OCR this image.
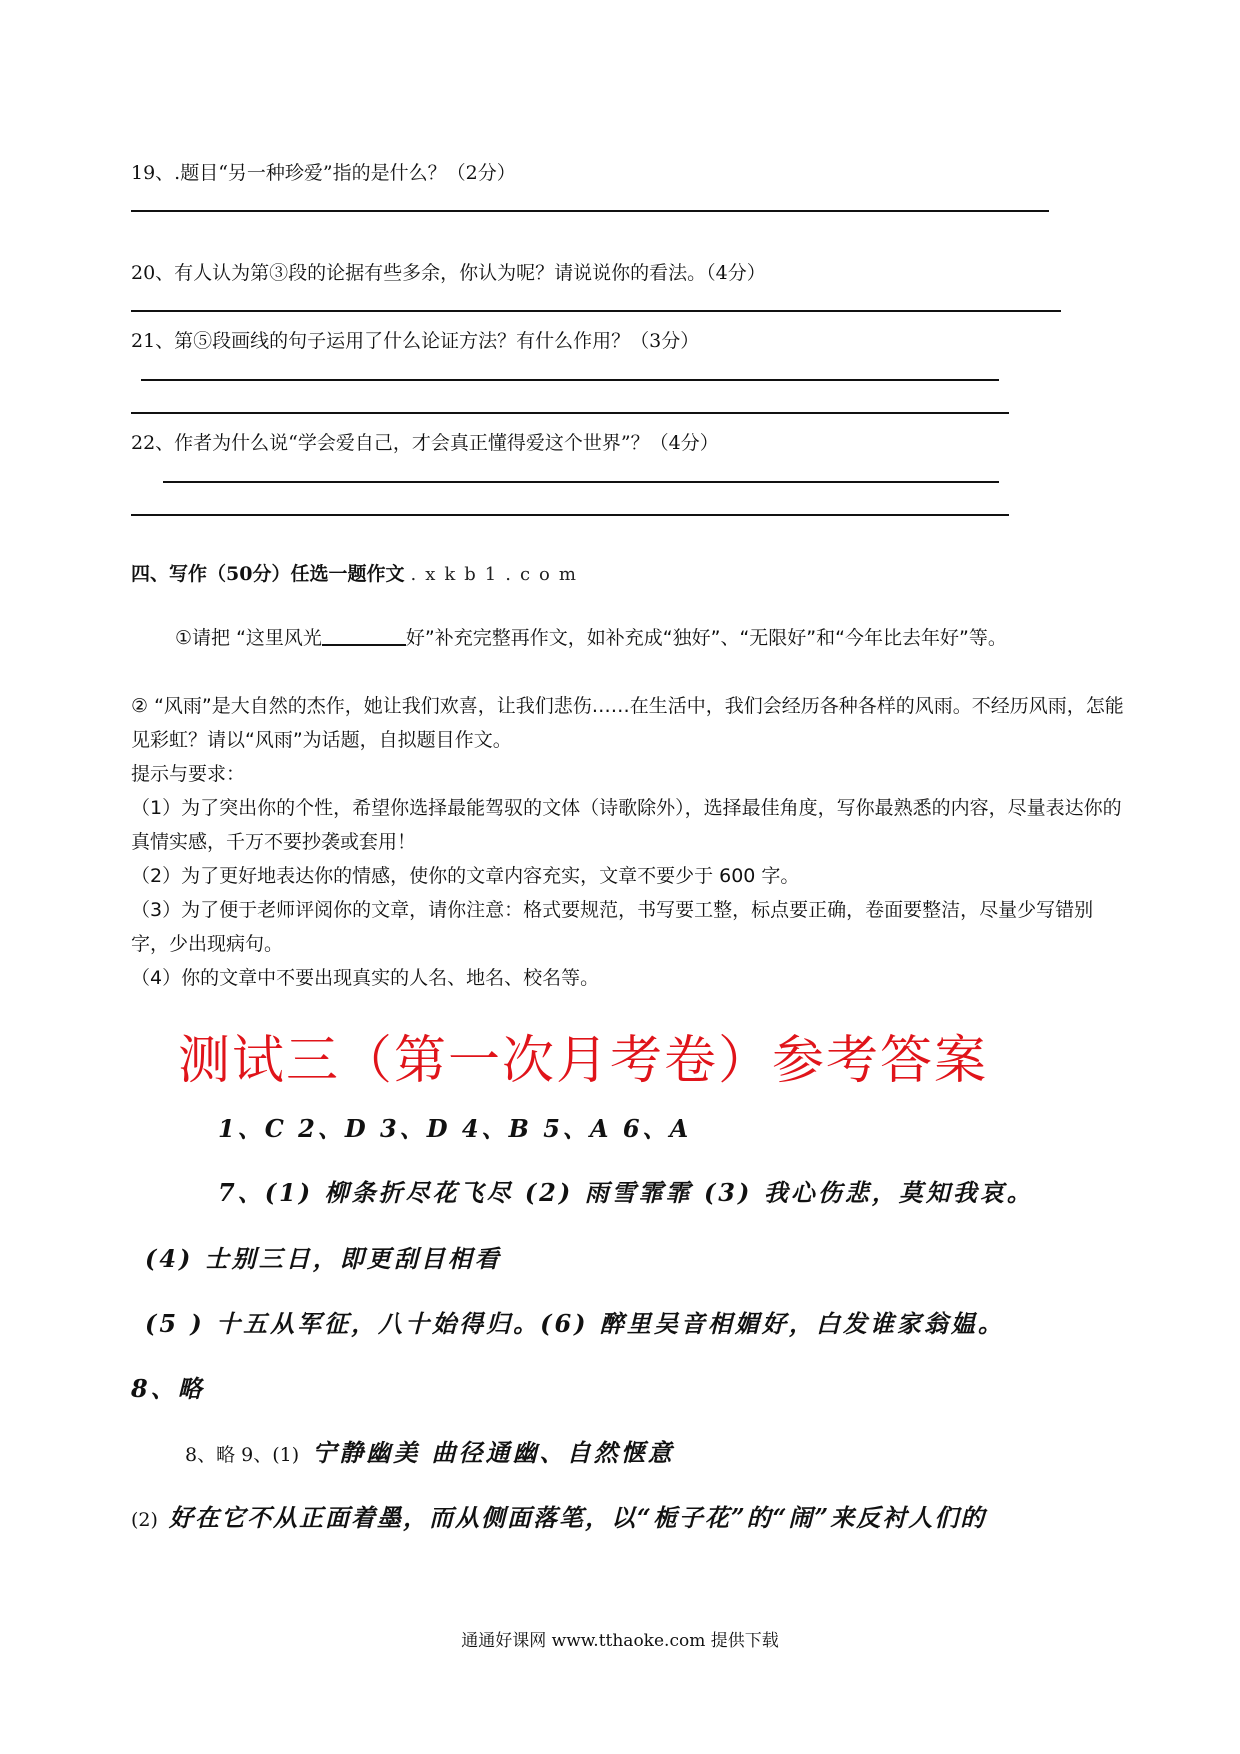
19、.题目“另一种珍爱”指的是什么？（2分）
20、有人认为第③段的论据有些多余，你认为呢？请说说你的看法。（4分）
21、第⑤段画线的句子运用了什么论证方法？有什么作用？（3分）
22、作者为什么说“学会爱自己，才会真正懂得爱这个世界”？（4分）
四、写作（50分）任选一题作文 .xkb1.com
①请把 “这里风光	好”补充完整再作文，如补充成“独好”、“无限好”和“今年比去年好”等。
② “风雨”是大自然的杰作，她让我们欢喜，让我们悲伤……在生活中，我们会经历各种各样的风雨。不经历风雨，怎能见彩虹？请以“风雨”为话题，自拟题目作文。
提示与要求：
（1）为了突出你的个性，希望你选择最能驾驭的文体（诗歌除外），选择最佳角度，写你最熟悉的内容，尽量表达你的真情实感，千万不要抄袭或套用！
（2）为了更好地表达你的情感，使你的文章内容充实，文章不要少于 600 字。
（3）为了便于老师评阅你的文章，请你注意：格式要规范，书写要工整，标点要正确，卷面要整洁，尽量少写错别字，少出现病句。
（4）你的文章中不要出现真实的人名、地名、校名等。
测试三（第一次月考卷）参考答案
1、C 2、D 3、D 4、B 5、A 6、A
7、(1) 柳条折尽花飞尽 (2) 雨雪霏霏 (3) 我心伤悲，莫知我哀。
(4) 士别三日，即更刮目相看
(5 ) 十五从军征，八十始得归。(6) 醉里吴音相媚好，白发谁家翁媪。
8、略
8、略 9、(1) 宁静幽美 曲径通幽、自然惬意
(2) 好在它不从正面着墨，而从侧面落笔，以“栀子花”的“闹”来反衬人们的
通通好课网 www.tthaoke.com 提供下载
